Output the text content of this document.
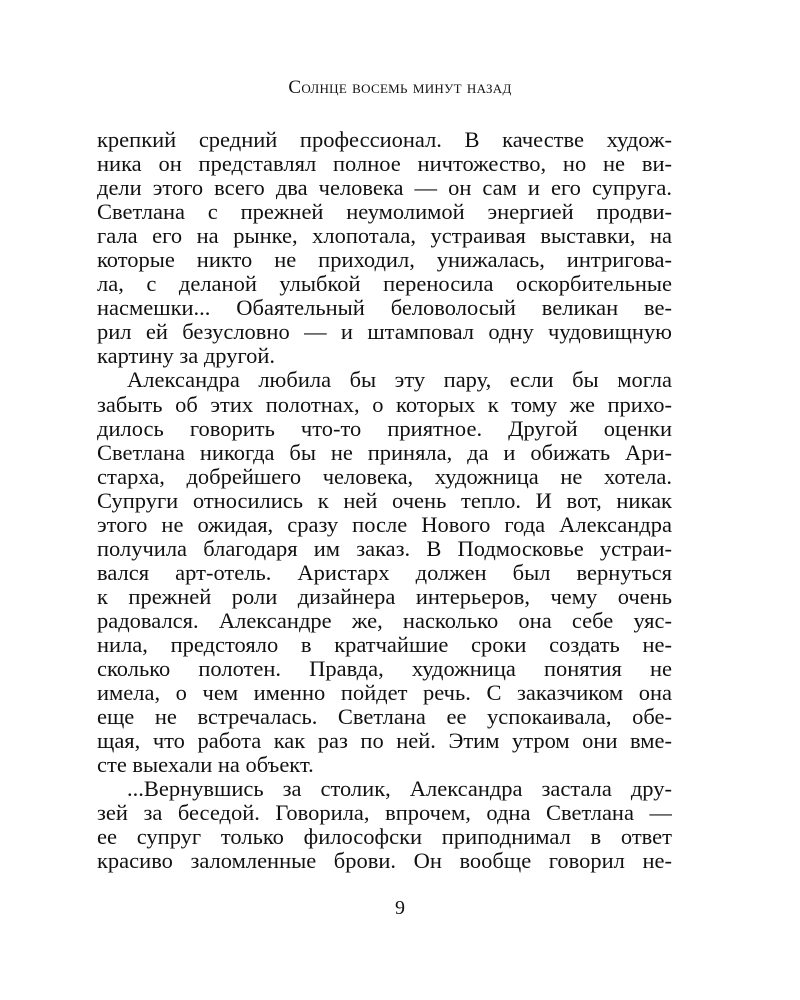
Солнце восемь минут назад
крепкий средний профессионал. В качестве худож-
ника он представлял полное ничтожество, но не ви-
дели этого всего два человека — он сам и его супруга.
Светлана с прежней неумолимой энергией продви-
гала его на рынке, хлопотала, устраивая выставки, на
которые никто не приходил, унижалась, интригова-
ла, с деланой улыбкой переносила оскорбительные
насмешки... Обаятельный беловолосый великан ве-
рил ей безусловно — и штамповал одну чудовищную
картину за другой.
Александра любила бы эту пару, если бы могла
забыть об этих полотнах, о которых к тому же прихо-
дилось говорить что-то приятное. Другой оценки
Светлана никогда бы не приняла, да и обижать Ари-
старха, добрейшего человека, художница не хотела.
Супруги относились к ней очень тепло. И вот, никак
этого не ожидая, сразу после Нового года Александра
получила благодаря им заказ. В Подмосковье устраи-
вался арт-отель. Аристарх должен был вернуться
к прежней роли дизайнера интерьеров, чему очень
радовался. Александре же, насколько она себе уяс-
нила, предстояло в кратчайшие сроки создать не-
сколько полотен. Правда, художница понятия не
имела, о чем именно пойдет речь. С заказчиком она
еще не встречалась. Светлана ее успокаивала, обе-
щая, что работа как раз по ней. Этим утром они вме-
сте выехали на объект.
...Вернувшись за столик, Александра застала дру-
зей за беседой. Говорила, впрочем, одна Светлана —
ее супруг только философски приподнимал в ответ
красиво заломленные брови. Он вообще говорил не-
9
